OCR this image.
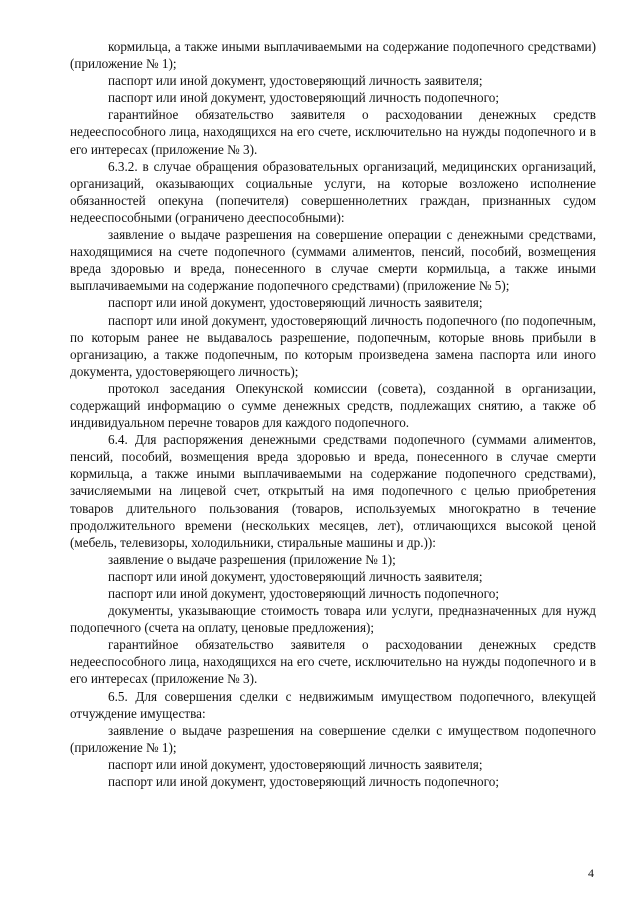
кормильца, а также иными выплачиваемыми на содержание подопечного средствами) (приложение № 1);

паспорт или иной документ, удостоверяющий личность заявителя;

паспорт или иной документ, удостоверяющий личность подопечного;

гарантийное обязательство заявителя о расходовании денежных средств недееспособного лица, находящихся на его счете, исключительно на нужды подопечного и в его интересах (приложение № 3).

6.3.2. в случае обращения образовательных организаций, медицинских организаций, организаций, оказывающих социальные услуги, на которые возложено исполнение обязанностей опекуна (попечителя) совершеннолетних граждан, признанных судом недееспособными (ограничено дееспособными):

заявление о выдаче разрешения на совершение операции с денежными средствами, находящимися на счете подопечного (суммами алиментов, пенсий, пособий, возмещения вреда здоровью и вреда, понесенного в случае смерти кормильца, а также иными выплачиваемыми на содержание подопечного средствами) (приложение № 5);

паспорт или иной документ, удостоверяющий личность заявителя;

паспорт или иной документ, удостоверяющий личность подопечного (по подопечным, по которым ранее не выдавалось разрешение, подопечным, которые вновь прибыли в организацию, а также подопечным, по которым произведена замена паспорта или иного документа, удостоверяющего личность);

протокол заседания Опекунской комиссии (совета), созданной в организации, содержащий информацию о сумме денежных средств, подлежащих снятию, а также об индивидуальном перечне товаров для каждого подопечного.

6.4. Для распоряжения денежными средствами подопечного (суммами алиментов, пенсий, пособий, возмещения вреда здоровью и вреда, понесенного в случае смерти кормильца, а также иными выплачиваемыми на содержание подопечного средствами), зачисляемыми на лицевой счет, открытый на имя подопечного с целью приобретения товаров длительного пользования (товаров, используемых многократно в течение продолжительного времени (нескольких месяцев, лет), отличающихся высокой ценой (мебель, телевизоры, холодильники, стиральные машины и др.)):

заявление о выдаче разрешения (приложение № 1);

паспорт или иной документ, удостоверяющий личность заявителя;

паспорт или иной документ, удостоверяющий личность подопечного;

документы, указывающие стоимость товара или услуги, предназначенных для нужд подопечного (счета на оплату, ценовые предложения);

гарантийное обязательство заявителя о расходовании денежных средств недееспособного лица, находящихся на его счете, исключительно на нужды подопечного и в его интересах (приложение № 3).

6.5. Для совершения сделки с недвижимым имуществом подопечного, влекущей отчуждение имущества:

заявление о выдаче разрешения на совершение сделки с имуществом подопечного (приложение № 1);

паспорт или иной документ, удостоверяющий личность заявителя;

паспорт или иной документ, удостоверяющий личность подопечного;

4
